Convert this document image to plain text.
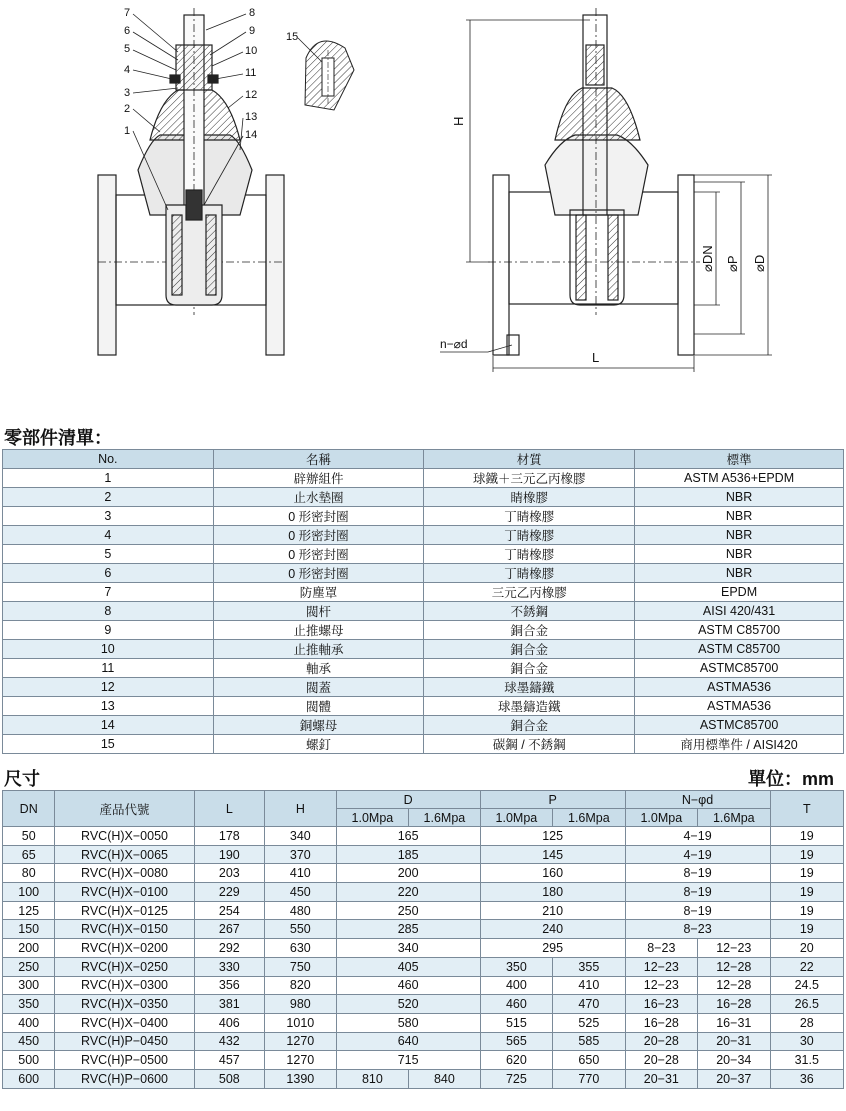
7
6
5
4
3
2
1
8
9
10
11
12
13
14
15
H
⌀DN ⌀P ⌀D
L
n−⌀d
零部件清單：
No.	名稱	材質	標準
1	辟辦組件	球鐵＋三元乙丙橡膠	ASTM A536+EPDM
2	止水墊圈	睛橡膠	NBR
3	0 形密封圈	丁睛橡膠	NBR
4	0 形密封圈	丁睛橡膠	NBR
5	0 形密封圈	丁睛橡膠	NBR
6	0 形密封圈	丁睛橡膠	NBR
7	防塵罩	三元乙丙橡膠	EPDM
8	閥杆	不銹鋼	AISI 420/431
9	止推螺母	銅合金	ASTM C85700
10	止推軸承	銅合金	ASTM C85700
11	軸承	銅合金	ASTMC85700
12	閥蓋	球墨鑄鐵	ASTMA536
13	閥體	球墨鑄造鐵	ASTMA536
14	銅螺母	銅合金	ASTMC85700
15	螺釘	碳鋼 / 不銹鋼	商用標準件 / AISI420
尺寸	單位：mm
DN	產品代號	L	H	D		P		N−φd		T
				1.0Mpa	1.6Mpa	1.0Mpa	1.6Mpa	1.0Mpa	1.6Mpa	
50	RVC(H)X−0050	178	340	165		125		4−19		19
65	RVC(H)X−0065	190	370	185		145		4−19		19
80	RVC(H)X−0080	203	410	200		160		8−19		19
100	RVC(H)X−0100	229	450	220		180		8−19		19
125	RVC(H)X−0125	254	480	250		210		8−19		19
150	RVC(H)X−0150	267	550	285		240		8−23		19
200	RVC(H)X−0200	292	630	340		295		8−23	12−23	20
250	RVC(H)X−0250	330	750	405		350	355	12−23	12−28	22
300	RVC(H)X−0300	356	820	460		400	410	12−23	12−28	24.5
350	RVC(H)X−0350	381	980	520		460	470	16−23	16−28	26.5
400	RVC(H)X−0400	406	1010	580		515	525	16−28	16−31	28
450	RVC(H)P−0450	432	1270	640		565	585	20−28	20−31	30
500	RVC(H)P−0500	457	1270	715		620	650	20−28	20−34	31.5
600	RVC(H)P−0600	508	1390	810	840	725	770	20−31	20−37	36
